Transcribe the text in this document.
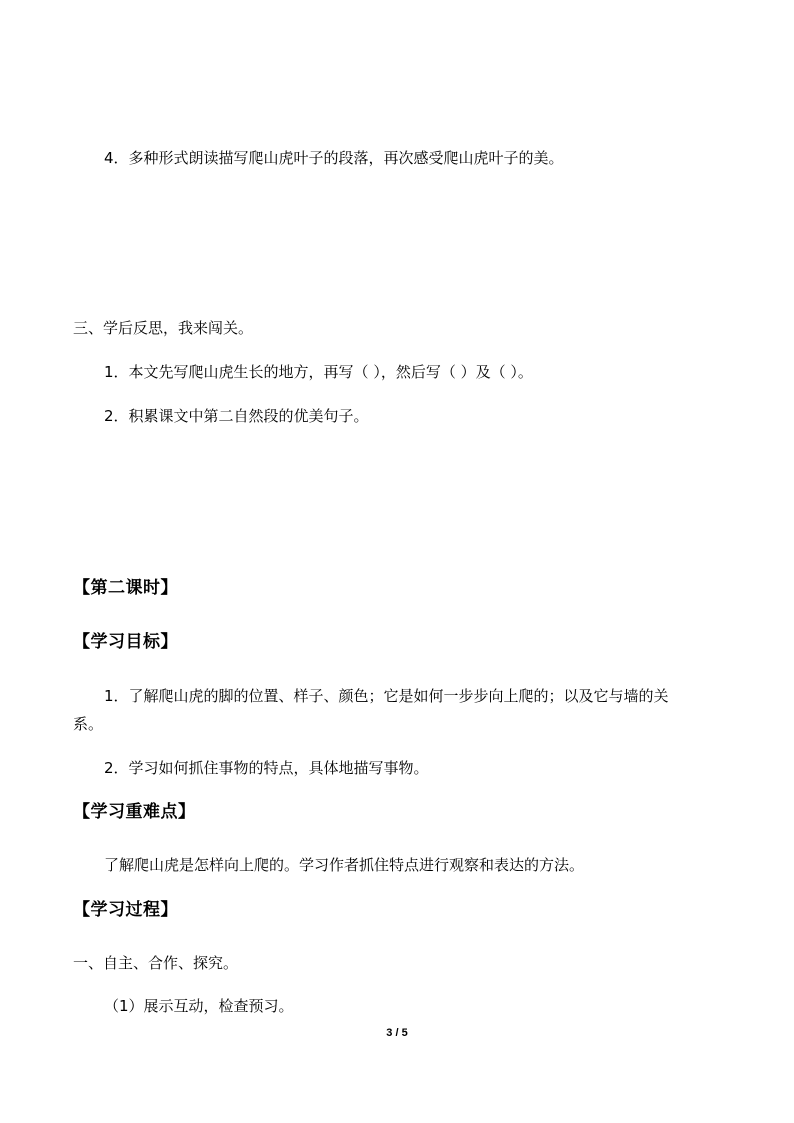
4．多种形式朗读描写爬山虎叶子的段落，再次感受爬山虎叶子的美。
三、学后反思，我来闯关。
1．本文先写爬山虎生长的地方，再写（ ），然后写（ ）及（ ）。
2．积累课文中第二自然段的优美句子。
【第二课时】
【学习目标】
1．了解爬山虎的脚的位置、样子、颜色；它是如何一步步向上爬的；以及它与墙的关
系。
2．学习如何抓住事物的特点，具体地描写事物。
【学习重难点】
了解爬山虎是怎样向上爬的。学习作者抓住特点进行观察和表达的方法。
【学习过程】
一、自主、合作、探究。
（1）展示互动，检查预习。
3 / 5
